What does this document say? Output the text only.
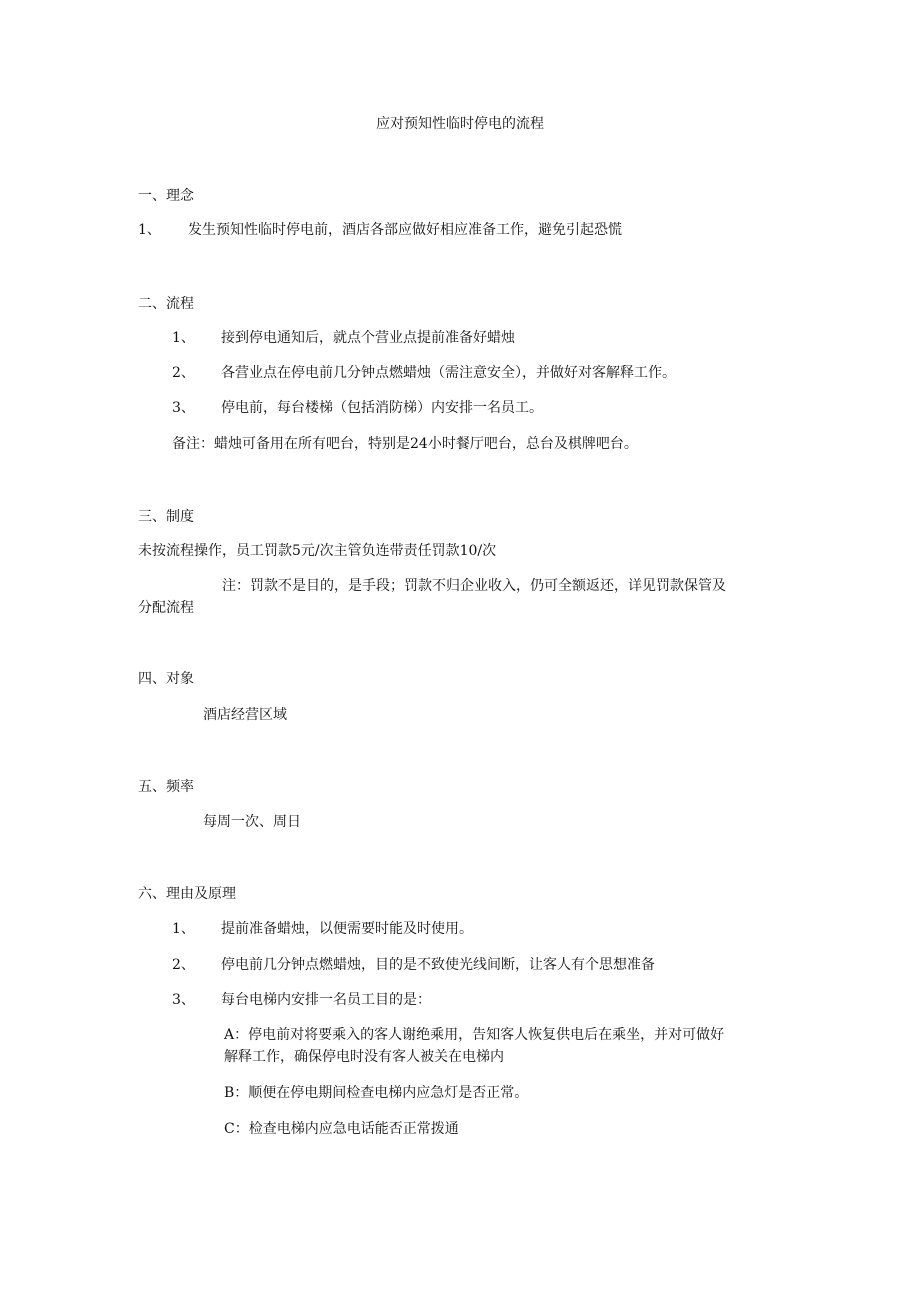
应对预知性临时停电的流程
一、理念
1、 发生预知性临时停电前，酒店各部应做好相应准备工作，避免引起恐慌
二、流程
1、 接到停电通知后，就点个营业点提前准备好蜡烛
2、 各营业点在停电前几分钟点燃蜡烛（需注意安全），并做好对客解释工作。
3、 停电前，每台楼梯（包括消防梯）内安排一名员工。
备注：蜡烛可备用在所有吧台，特别是24小时餐厅吧台，总台及棋牌吧台。
三、制度
未按流程操作，员工罚款5元/次主管负连带责任罚款10/次
注：罚款不是目的，是手段；罚款不归企业收入，仍可全额返还，详见罚款保管及
分配流程
四、对象
酒店经营区域
五、频率
每周一次、周日
六、理由及原理
1、 提前准备蜡烛，以便需要时能及时使用。
2、 停电前几分钟点燃蜡烛，目的是不致使光线间断，让客人有个思想准备
3、 每台电梯内安排一名员工目的是：
A：停电前对将要乘入的客人谢绝乘用，告知客人恢复供电后在乘坐，并对可做好
解释工作，确保停电时没有客人被关在电梯内
B：顺便在停电期间检查电梯内应急灯是否正常。
C：检查电梯内应急电话能否正常拨通
